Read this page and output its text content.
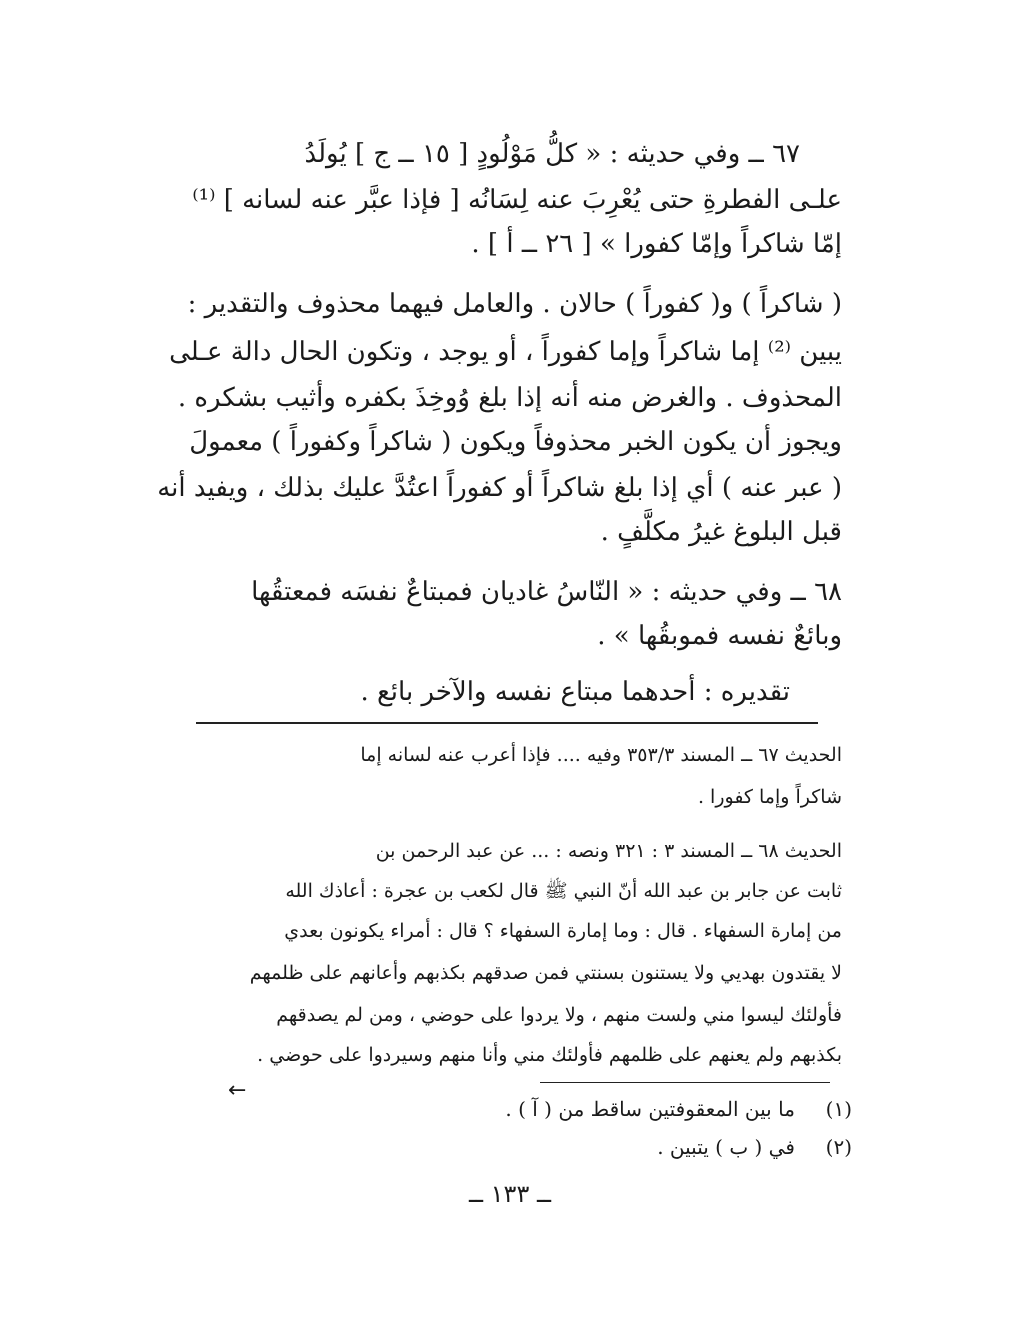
٦٧ ــ وفي حديثه : « كلُّ مَوْلُودٍ [ ١٥ ــ ج ] يُولَدُ
علـى الفطرةِ حتى يُعْرِبَ عنه لِسَانُه [ فإذا عبَّر عنه لسانه ] ⁽¹⁾
إمّا شاكراً وإمّا كفورا » [ ٢٦ ــ أ ] .
( شاكراً ) و( كفوراً ) حالان . والعامل فيهما محذوف والتقدير :
يبين ⁽²⁾ إما شاكراً وإما كفوراً ، أو يوجد ، وتكون الحال دالة عـلى
المحذوف . والغرض منه أنه إذا بلغ وُوخِذَ بكفره وأثيب بشكره .
ويجوز أن يكون الخبر محذوفاً ويكون ( شاكراً وكفوراً ) معمولَ
( عبر عنه ) أي إذا بلغ شاكراً أو كفوراً اعتُدَّ عليك بذلك ، ويفيد أنه
قبل البلوغ غيرُ مكلَّفٍ .
٦٨ ــ وفي حديثه : « النّاسُ غاديان فمبتاعٌ نفسَه فمعتقُها
وبائعٌ نفسه فموبقُها » .
تقديره : أحدهما مبتاع نفسه والآخر بائع .
الحديث ٦٧ ــ المسند ٣٥٣/٣ وفيه .... فإذا أعرب عنه لسانه إما
شاكراً وإما كفورا .
الحديث ٦٨ ــ المسند ٣ : ٣٢١ ونصه : ... عن عبد الرحمن بن
ثابت عن جابر بن عبد الله أنّ النبي ﷺ قال لكعب بن عجرة : أعاذك الله
من إمارة السفهاء . قال : وما إمارة السفهاء ؟ قال : أمراء يكونون بعدي
لا يقتدون بهديي ولا يستنون بسنتي فمن صدقهم بكذبهم وأعانهم على ظلمهم
فأولئك ليسوا مني ولست منهم ، ولا يردوا على حوضي ، ومن لم يصدقهم
بكذبهم ولم يعنهم على ظلمهم فأولئك مني وأنا منهم وسيردوا على حوضي .
←
(١)  ما بين المعقوفتين ساقط من ( آ ) .
(٢)  في ( ب ) يتبين .
ــ ١٣٣ ــ
